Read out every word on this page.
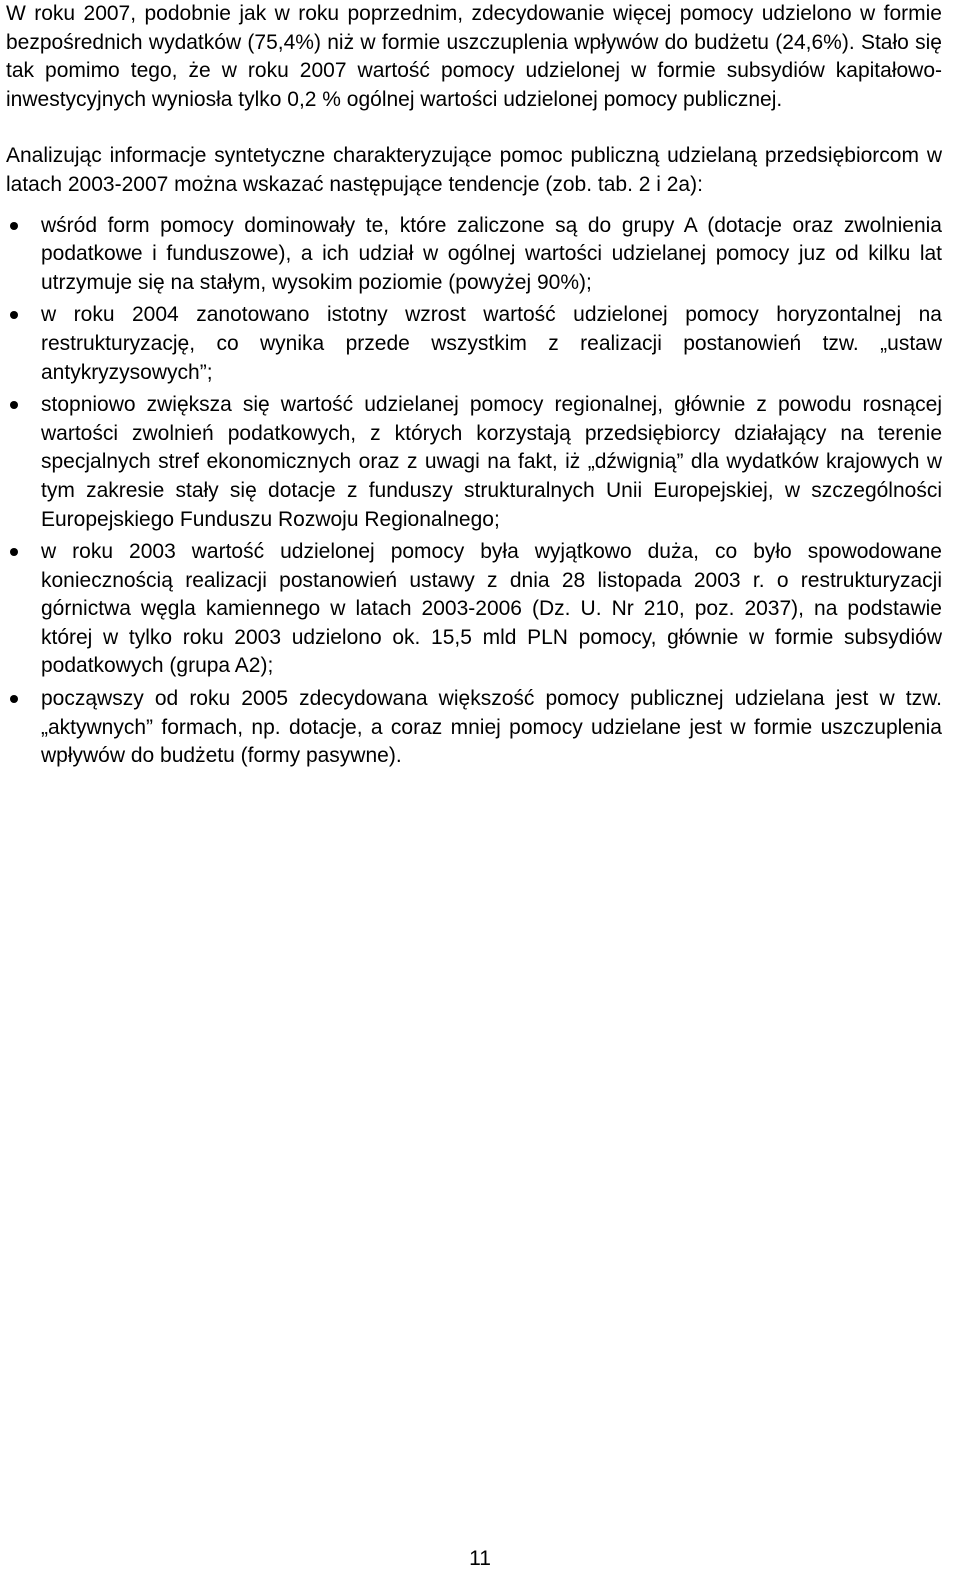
W roku 2007, podobnie jak w roku poprzednim, zdecydowanie więcej pomocy udzielono w formie bezpośrednich wydatków (75,4%) niż w formie uszczuplenia wpływów do budżetu (24,6%). Stało się tak pomimo tego, że w roku 2007 wartość pomocy udzielonej w formie subsydiów kapitałowo-inwestycyjnych wyniosła tylko 0,2 % ogólnej wartości udzielonej pomocy publicznej.

Analizując informacje syntetyczne charakteryzujące pomoc publiczną udzielaną przedsiębiorcom w latach 2003-2007 można wskazać następujące tendencje (zob. tab. 2 i 2a):

wśród form pomocy dominowały te, które zaliczone są do grupy A (dotacje oraz zwolnienia podatkowe i funduszowe), a ich udział w ogólnej wartości udzielanej pomocy juz od kilku lat utrzymuje się na stałym, wysokim poziomie (powyżej 90%);
w roku 2004 zanotowano istotny wzrost wartość udzielonej pomocy horyzontalnej na restrukturyzację, co wynika przede wszystkim z realizacji postanowień tzw. „ustaw antykryzysowych”;
stopniowo zwiększa się wartość udzielanej pomocy regionalnej, głównie z powodu rosnącej wartości zwolnień podatkowych, z których korzystają przedsiębiorcy działający na terenie specjalnych stref ekonomicznych oraz z uwagi na fakt, iż „dźwignią” dla wydatków krajowych w tym zakresie stały się dotacje z funduszy strukturalnych Unii Europejskiej, w szczególności Europejskiego Funduszu Rozwoju Regionalnego;
w roku 2003 wartość udzielonej pomocy była wyjątkowo duża, co było spowodowane koniecznością realizacji postanowień ustawy z dnia 28 listopada 2003 r. o restrukturyzacji górnictwa węgla kamiennego w latach 2003-2006 (Dz. U. Nr 210, poz. 2037), na podstawie której w tylko roku 2003 udzielono ok. 15,5 mld PLN pomocy, głównie w formie subsydiów podatkowych (grupa A2);
począwszy od roku 2005 zdecydowana większość pomocy publicznej udzielana jest w tzw. „aktywnych” formach, np. dotacje, a coraz mniej pomocy udzielane jest w formie uszczuplenia wpływów do budżetu (formy pasywne).
11
